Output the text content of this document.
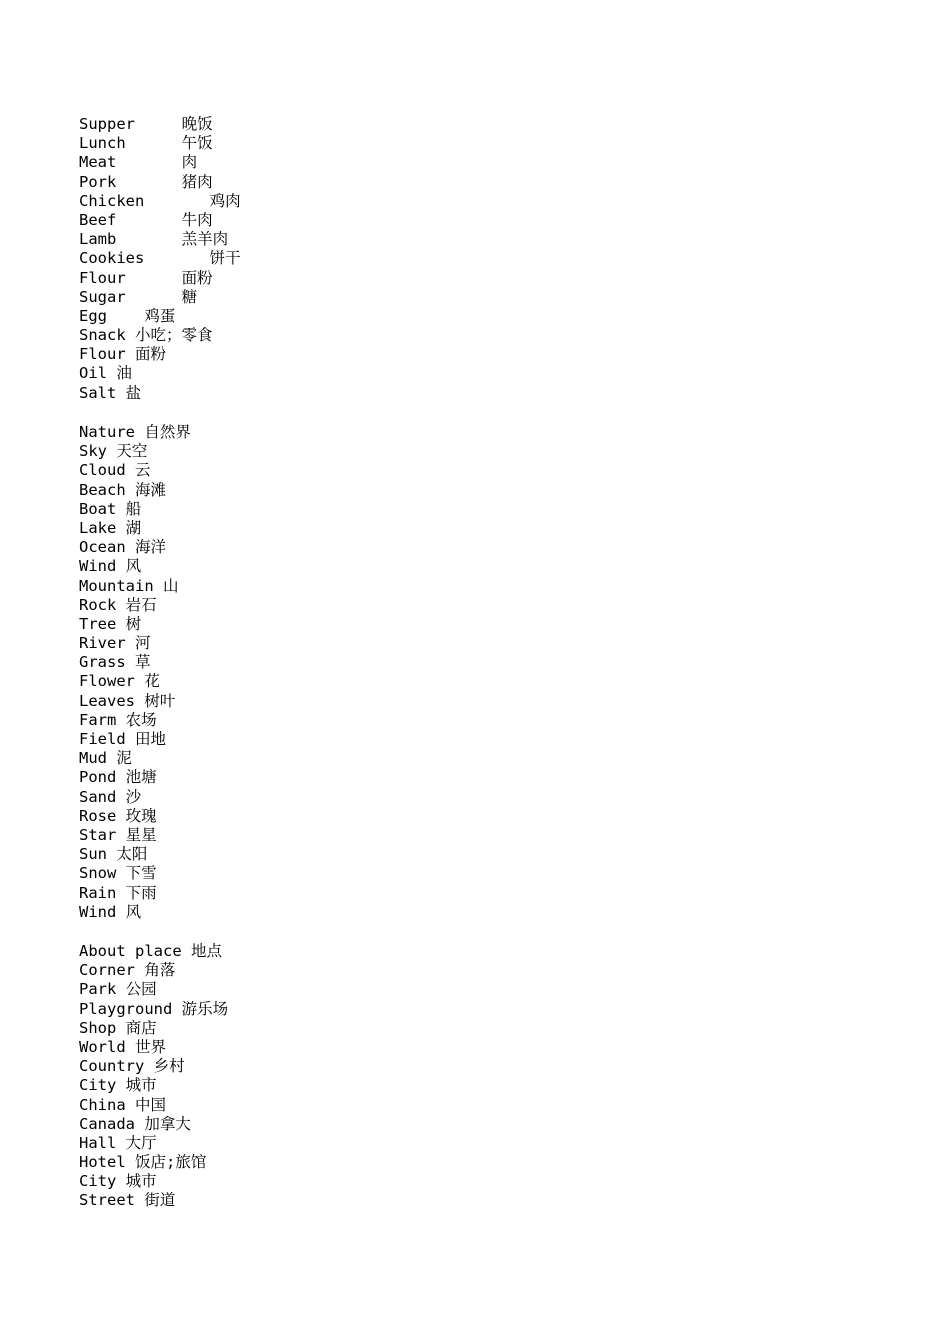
Supper     晚饭
Lunch      午饭
Meat       肉
Pork       猪肉
Chicken       鸡肉
Beef       牛肉
Lamb       羔羊肉
Cookies       饼干
Flour      面粉
Sugar      糖
Egg    鸡蛋
Snack 小吃；零食
Flour 面粉
Oil 油
Salt 盐
Nature 自然界
Sky 天空
Cloud 云
Beach 海滩
Boat 船
Lake 湖
Ocean 海洋
Wind 风
Mountain 山
Rock 岩石
Tree 树
River 河
Grass 草
Flower 花
Leaves 树叶
Farm 农场
Field 田地
Mud 泥
Pond 池塘
Sand 沙
Rose 玫瑰
Star 星星
Sun 太阳
Snow 下雪
Rain 下雨
Wind 风
About place 地点
Corner 角落
Park 公园
Playground 游乐场
Shop 商店
World 世界
Country 乡村
City 城市
China 中国
Canada 加拿大
Hall 大厅
Hotel 饭店;旅馆
City 城市
Street 街道
